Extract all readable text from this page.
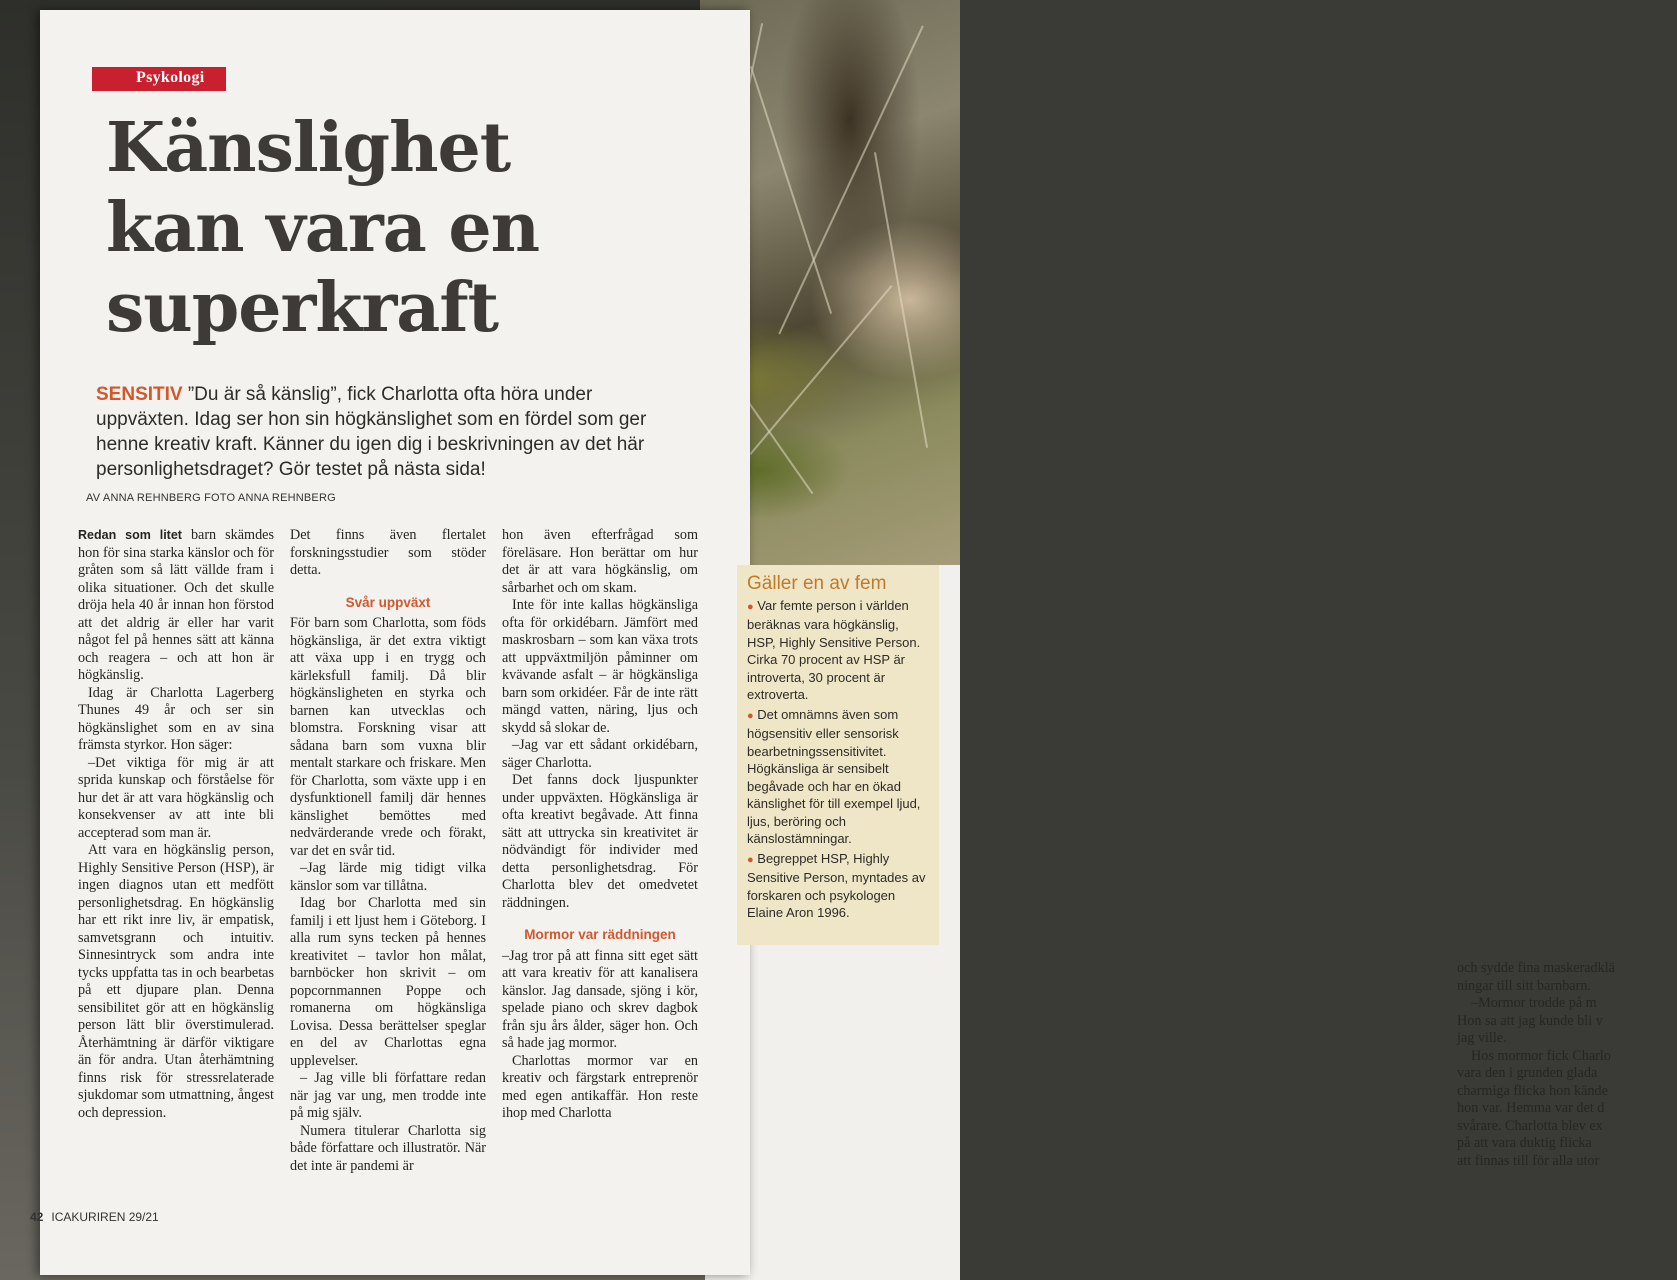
och sydde fina maskeradklä

ningar till sitt barnbarn.

–Mormor trodde på m

Hon sa att jag kunde bli v

jag ville.

Hos mormor fick Charlo

vara den i grunden glada

charmiga flicka hon kände

hon var. Hemma var det d

svårare. Charlotta blev ex

på att vara duktig flicka

att finnas till för alla utor

Psykologi
Känslighet
kan vara en
superkraft
SENSITIV ”Du är så känslig”, fick Charlotta ofta höra under uppväxten. Idag ser hon sin högkänslighet som en fördel som ger henne kreativ kraft. Känner du igen dig i beskrivningen av det här personlighetsdraget? Gör testet på nästa sida!
AV ANNA REHNBERG FOTO ANNA REHNBERG

Redan som litet barn skämdes hon för sina starka känslor och för gråten som så lätt vällde fram i olika situationer. Och det skulle dröja hela 40 år innan hon förstod att det aldrig är eller har varit något fel på hennes sätt att känna och reagera – och att hon är högkänslig.

Idag är Charlotta Lagerberg Thunes 49 år och ser sin högkänslighet som en av sina främsta styrkor. Hon säger:

–Det viktiga för mig är att sprida kunskap och förståelse för hur det är att vara högkänslig och konsekvenser av att inte bli accepterad som man är.

Att vara en högkänslig person, Highly Sensitive Person (HSP), är ingen diagnos utan ett medfött personlighetsdrag. En högkänslig har ett rikt inre liv, är empatisk, samvetsgrann och intuitiv. Sinnesintryck som andra inte tycks uppfatta tas in och bearbetas på ett djupare plan. Denna sensibilitet gör att en högkänslig person lätt blir överstimulerad. Återhämtning är därför viktigare än för andra. Utan återhämtning finns risk för stressrelaterade sjukdomar som utmattning, ångest och depression.

Det finns även flertalet forskningsstudier som stöder detta.

Svår uppväxt

För barn som Charlotta, som föds högkänsliga, är det extra viktigt att växa upp i en trygg och kärleksfull familj. Då blir högkänsligheten en styrka och barnen kan utvecklas och blomstra. Forskning visar att sådana barn som vuxna blir mentalt starkare och friskare. Men för Charlotta, som växte upp i en dysfunktionell familj där hennes känslighet bemöttes med nedvärderande vrede och förakt, var det en svår tid.

–Jag lärde mig tidigt vilka känslor som var tillåtna.

Idag bor Charlotta med sin familj i ett ljust hem i Göteborg. I alla rum syns tecken på hennes kreativitet – tavlor hon målat, barnböcker hon skrivit – om popcornmannen Poppe och romanerna om högkänsliga Lovisa. Dessa berättelser speglar en del av Charlottas egna upplevelser.

– Jag ville bli författare redan när jag var ung, men trodde inte på mig själv.

Numera titulerar Charlotta sig både författare och illustratör. När det inte är pandemi är

hon även efterfrågad som föreläsare. Hon berättar om hur det är att vara högkänslig, om sårbarhet och om skam.

Inte för inte kallas högkänsliga ofta för orkidébarn. Jämfört med maskrosbarn – som kan växa trots att uppväxtmiljön påminner om kvävande asfalt – är högkänsliga barn som orkidéer. Får de inte rätt mängd vatten, näring, ljus och skydd så slokar de.

–Jag var ett sådant orkidébarn, säger Charlotta.

Det fanns dock ljuspunkter under uppväxten. Högkänsliga är ofta kreativt begåvade. Att finna sätt att uttrycka sin kreativitet är nödvändigt för individer med detta personlighetsdrag. För Charlotta blev det omedvetet räddningen.

Mormor var räddningen

–Jag tror på att finna sitt eget sätt att vara kreativ för att kanalisera känslor. Jag dansade, sjöng i kör, spelade piano och skrev dagbok från sju års ålder, säger hon. Och så hade jag mormor.

Charlottas mormor var en kreativ och färgstark entreprenör med egen antikaffär. Hon reste ihop med Charlotta

42 ICAKURIREN 29/21
Gäller en av fem

● Var femte person i världen beräknas vara högkänslig, HSP, Highly Sensitive Person. Cirka 70 procent av HSP är introverta, 30 procent är extroverta.

● Det omnämns även som högsensitiv eller sensorisk bearbetningssensitivitet. Högkänsliga är sensibelt begåvade och har en ökad känslighet för till exempel ljud, ljus, beröring och känslostämningar.

● Begreppet HSP, Highly Sensitive Person, myntades av forskaren och psykologen Elaine Aron 1996.
